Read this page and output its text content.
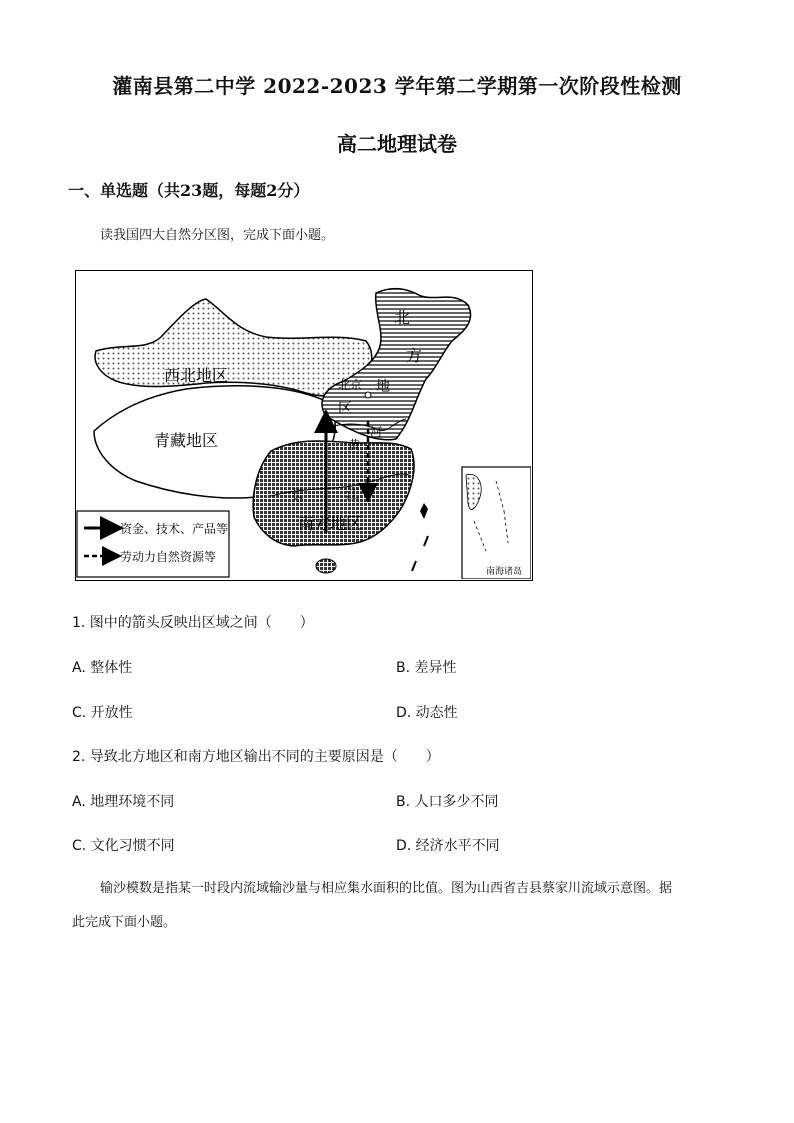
灌南县第二中学 2022-2023 学年第二学期第一次阶段性检测
高二地理试卷
一、单选题（共23题，每题2分）
读我国四大自然分区图，完成下面小题。
西北地区
青藏地区
南方地区
北
方
地
区
北京
黄
河
长	江
资金、技术、产品等
劳动力自然资源等
南海诸岛
1. 图中的箭头反映出区域之间（　　）
A. 整体性	B. 差异性
C. 开放性	D. 动态性
2. 导致北方地区和南方地区输出不同的主要原因是（　　）
A. 地理环境不同	B. 人口多少不同
C. 文化习惯不同	D. 经济水平不同
输沙模数是指某一时段内流域输沙量与相应集水面积的比值。图为山西省吉县蔡家川流域示意图。据
此完成下面小题。
